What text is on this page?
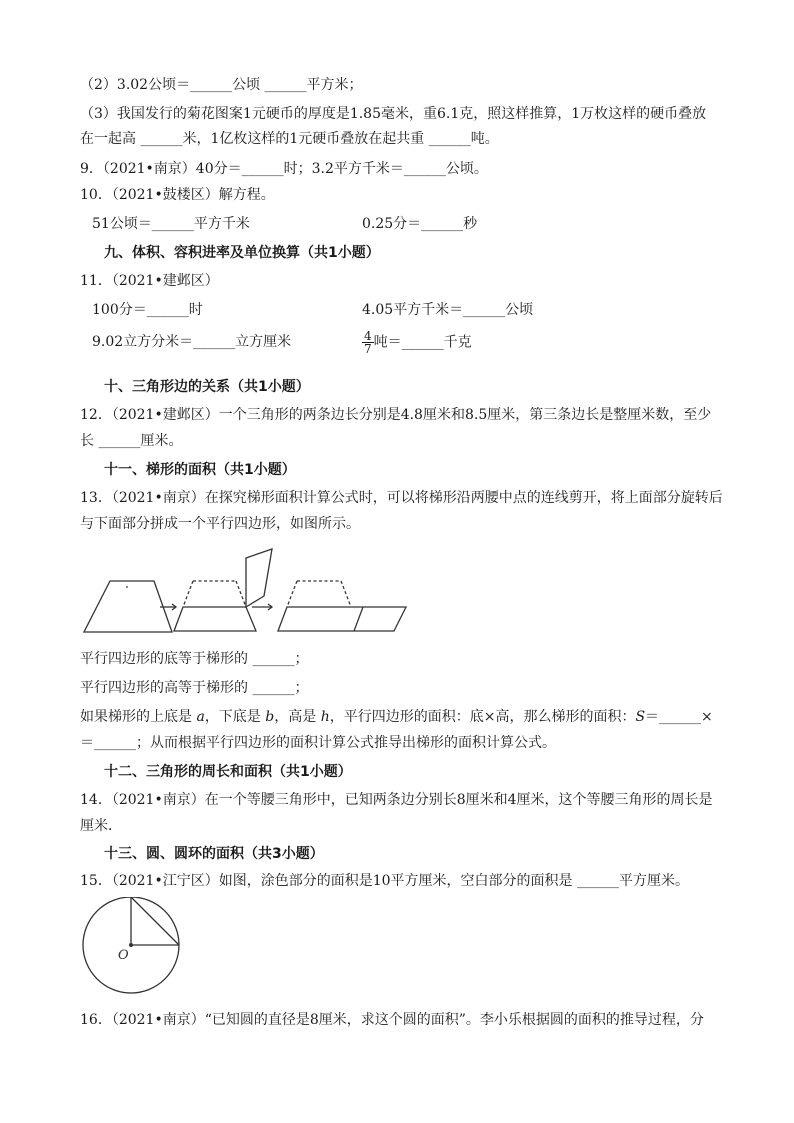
（2）3.02公顷＝______公顷 ______平方米；
（3）我国发行的菊花图案1元硬币的厚度是1.85毫米，重6.1克，照这样推算，1万枚这样的硬币叠放
在一起高 ______米，1亿枚这样的1元硬币叠放在起共重 ______吨。
9．（2021•南京）40分＝______时；3.2平方千米＝______公顷。
10．（2021•鼓楼区）解方程。
51公顷＝______平方千米	0.25分＝______秒
九、体积、容积进率及单位换算（共1小题）
11．（2021•建邺区）
100分＝______时	4.05平方千米＝______公顷
9.02立方分米＝______立方厘米	$\frac{4}{7}$ 吨＝______千克
十、三角形边的关系（共1小题）
12．（2021•建邺区）一个三角形的两条边长分别是4.8厘米和8.5厘米，第三条边长是整厘米数，至少
长 ______厘米。
十一、梯形的面积（共1小题）
13．（2021•南京）在探究梯形面积计算公式时，可以将梯形沿两腰中点的连线剪开，将上面部分旋转后
与下面部分拼成一个平行四边形，如图所示。
平行四边形的底等于梯形的 ______；
平行四边形的高等于梯形的 ______；
如果梯形的上底是 a，下底是 b，高是 h，平行四边形的面积：底×高，那么梯形的面积：S＝______×
＝______；从而根据平行四边形的面积计算公式推导出梯形的面积计算公式。
十二、三角形的周长和面积（共1小题）
14．（2021•南京）在一个等腰三角形中，已知两条边分别长8厘米和4厘米，这个等腰三角形的周长是
厘米．
十三、圆、圆环的面积（共3小题）
15．（2021•江宁区）如图，涂色部分的面积是10平方厘米，空白部分的面积是 ______平方厘米。
O
16．（2021•南京）“已知圆的直径是8厘米，求这个圆的面积”。李小乐根据圆的面积的推导过程，分
